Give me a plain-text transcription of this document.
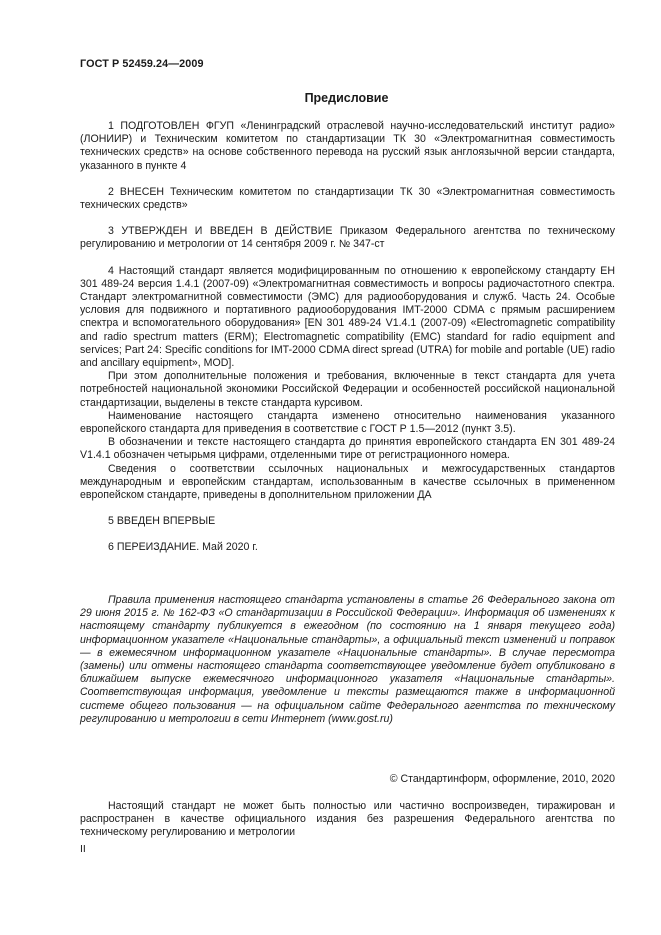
ГОСТ Р 52459.24—2009
Предисловие

1 ПОДГОТОВЛЕН ФГУП «Ленинградский отраслевой научно-исследовательский институт радио» (ЛОНИИР) и Техническим комитетом по стандартизации ТК 30 «Электромагнитная совместимость технических средств» на основе собственного перевода на русский язык англоязычной версии стандарта, указанного в пункте 4

2 ВНЕСЕН Техническим комитетом по стандартизации ТК 30 «Электромагнитная совместимость технических средств»

3 УТВЕРЖДЕН И ВВЕДЕН В ДЕЙСТВИЕ Приказом Федерального агентства по техническому регулированию и метрологии от 14 сентября 2009 г. № 347-ст

4 Настоящий стандарт является модифицированным по отношению к европейскому стандарту ЕН 301 489-24 версия 1.4.1 (2007-09) «Электромагнитная совместимость и вопросы радиочастотного спектра. Стандарт электромагнитной совместимости (ЭМС) для радиооборудования и служб. Часть 24. Особые условия для подвижного и портативного радиооборудования IMT-2000 CDMA с прямым расширением спектра и вспомогательного оборудования» [EN 301 489-24 V1.4.1 (2007-09) «Electromagnetic compatibility and radio spectrum matters (ERM); Electromagnetic compatibility (EMC) standard for radio equipment and services; Part 24: Specific conditions for IMT-2000 CDMA direct spread (UTRA) for mobile and portable (UE) radio and ancillary equipment», MOD].

При этом дополнительные положения и требования, включенные в текст стандарта для учета потребностей национальной экономики Российской Федерации и особенностей российской национальной стандартизации, выделены в тексте стандарта курсивом.

Наименование настоящего стандарта изменено относительно наименования указанного европейского стандарта для приведения в соответствие с ГОСТ Р 1.5—2012 (пункт 3.5).

В обозначении и тексте настоящего стандарта до принятия европейского стандарта EN 301 489-24 V1.4.1 обозначен четырьмя цифрами, отделенными тире от регистрационного номера.

Сведения о соответствии ссылочных национальных и межгосударственных стандартов международным и европейским стандартам, использованным в качестве ссылочных в примененном европейском стандарте, приведены в дополнительном приложении ДА

5 ВВЕДЕН ВПЕРВЫЕ

6 ПЕРЕИЗДАНИЕ. Май 2020 г.

Правила применения настоящего стандарта установлены в статье 26 Федерального закона от 29 июня 2015 г. № 162-ФЗ «О стандартизации в Российской Федерации». Информация об изменениях к настоящему стандарту публикуется в ежегодном (по состоянию на 1 января текущего года) информационном указателе «Национальные стандарты», а официальный текст изменений и поправок — в ежемесячном информационном указателе «Национальные стандарты». В случае пересмотра (замены) или отмены настоящего стандарта соответствующее уведомление будет опубликовано в ближайшем выпуске ежемесячного информационного указателя «Национальные стандарты». Соответствующая информация, уведомление и тексты размещаются также в информационной системе общего пользования — на официальном сайте Федерального агентства по техническому регулированию и метрологии в сети Интернет (www.gost.ru)

© Стандартинформ, оформление, 2010, 2020

Настоящий стандарт не может быть полностью или частично воспроизведен, тиражирован и распространен в качестве официального издания без разрешения Федерального агентства по техническому регулированию и метрологии

II
